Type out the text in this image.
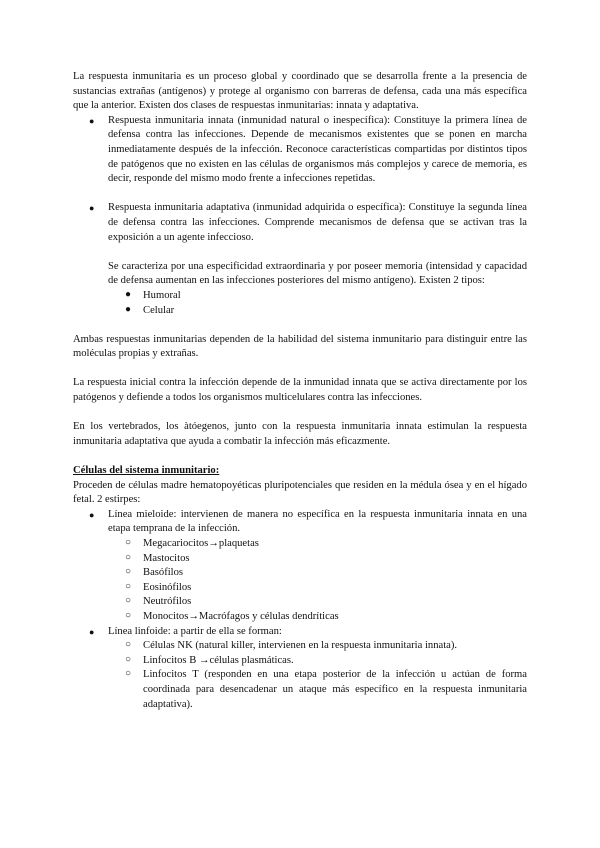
La respuesta inmunitaria es un proceso global y coordinado que se desarrolla frente a la presencia de sustancias extrañas (antígenos) y protege al organismo con barreras de defensa, cada una más específica que la anterior. Existen dos clases de respuestas inmunitarias: innata y adaptativa.

● Respuesta inmunitaria innata (inmunidad natural o inespecífica): Constituye la primera línea de defensa contra las infecciones. Depende de mecanismos existentes que se ponen en marcha inmediatamente después de la infección. Reconoce características compartidas por distintos tipos de patógenos que no existen en las células de organismos más complejos y carece de memoria, es decir, responde del mismo modo frente a infecciones repetidas.

● Respuesta inmunitaria adaptativa (inmunidad adquirida o específica): Constituye la segunda línea de defensa contra las infecciones. Comprende mecanismos de defensa que se activan tras la exposición a un agente infeccioso.

Se caracteriza por una especificidad extraordinaria y por poseer memoria (intensidad y capacidad de defensa aumentan en las infecciones posteriores del mismo antígeno). Existen 2 tipos:

● Humoral
● Celular

Ambas respuestas inmunitarias dependen de la habilidad del sistema inmunitario para distinguir entre las moléculas propias y extrañas.

La respuesta inicial contra la infección depende de la inmunidad innata que se activa directamente por los patógenos y defiende a todos los organismos multicelulares contra las infecciones.

En los vertebrados, los àtóegenos, junto con la respuesta inmunitaria innata estimulan la respuesta inmunitaria adaptativa que ayuda a combatir la infección más eficazmente.

Células del sistema inmunitario:

Proceden de células madre hematopoyéticas pluripotenciales que residen en la médula ósea y en el hígado fetal. 2 estirpes:

● Línea mieloide: intervienen de manera no específica en la respuesta inmunitaria innata en una etapa temprana de la infección.

○ Megacariocitos→plaquetas
○ Mastocitos
○ Basófilos
○ Eosinófilos
○ Neutrófilos
○ Monocitos→Macrófagos y células dendríticas
● Línea linfoide: a partir de ella se forman:

○ Células NK (natural killer, intervienen en la respuesta inmunitaria innata).
○ Linfocitos B →células plasmáticas.
○ Linfocitos T (responden en una etapa posterior de la infección u actúan de forma coordinada para desencadenar un ataque más específico en la respuesta inmunitaria adaptativa).
